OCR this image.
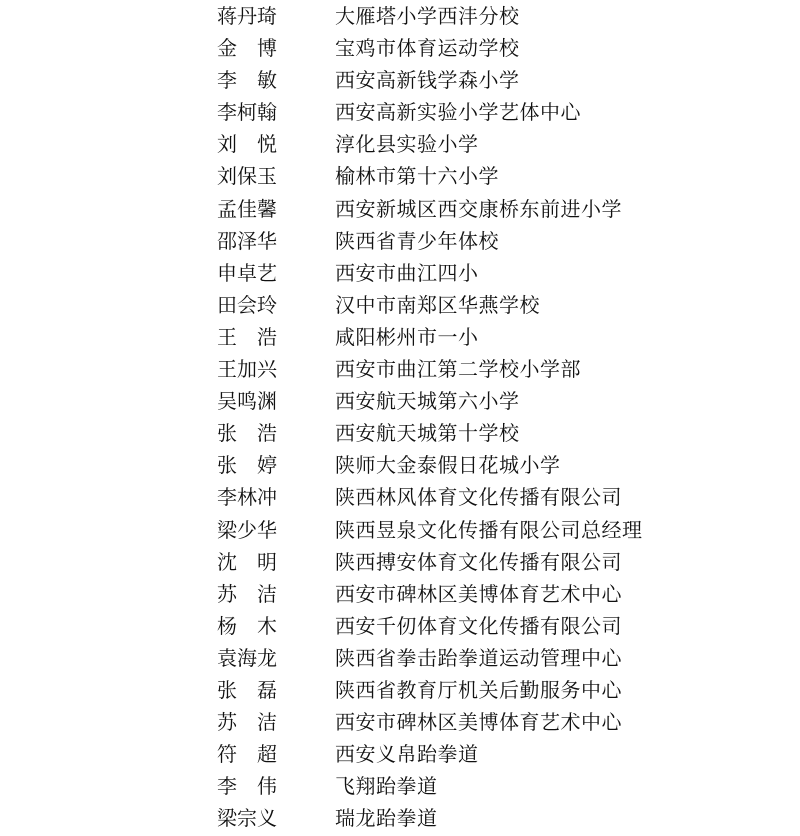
蒋 丹 琦	大雁塔小学西沣分校
金 博	宝鸡市体育运动学校
李 敏	西安高新钱学森小学
李 柯 翰	西安高新实验小学艺体中心
刘 悦	淳化县实验小学
刘 保 玉	榆林市第十六小学
孟 佳 馨	西安新城区西交康桥东前进小学
邵 泽 华	陕西省青少年体校
申 卓 艺	西安市曲江四小
田 会 玲	汉中市南郑区华燕学校
王 浩	咸阳彬州市一小
王 加 兴	西安市曲江第二学校小学部
吴 鸣 渊	西安航天城第六小学
张 浩	西安航天城第十学校
张 婷	陕师大金泰假日花城小学
李 林 冲	陕西林风体育文化传播有限公司
梁 少 华	陕西昱泉文化传播有限公司总经理
沈 明	陕西搏安体育文化传播有限公司
苏 洁	西安市碑林区美博体育艺术中心
杨 木	西安千仞体育文化传播有限公司
袁 海 龙	陕西省拳击跆拳道运动管理中心
张 磊	陕西省教育厅机关后勤服务中心
苏 洁	西安市碑林区美博体育艺术中心
符 超	西安义帛跆拳道
李 伟	飞翔跆拳道
梁 宗 义	瑞龙跆拳道
